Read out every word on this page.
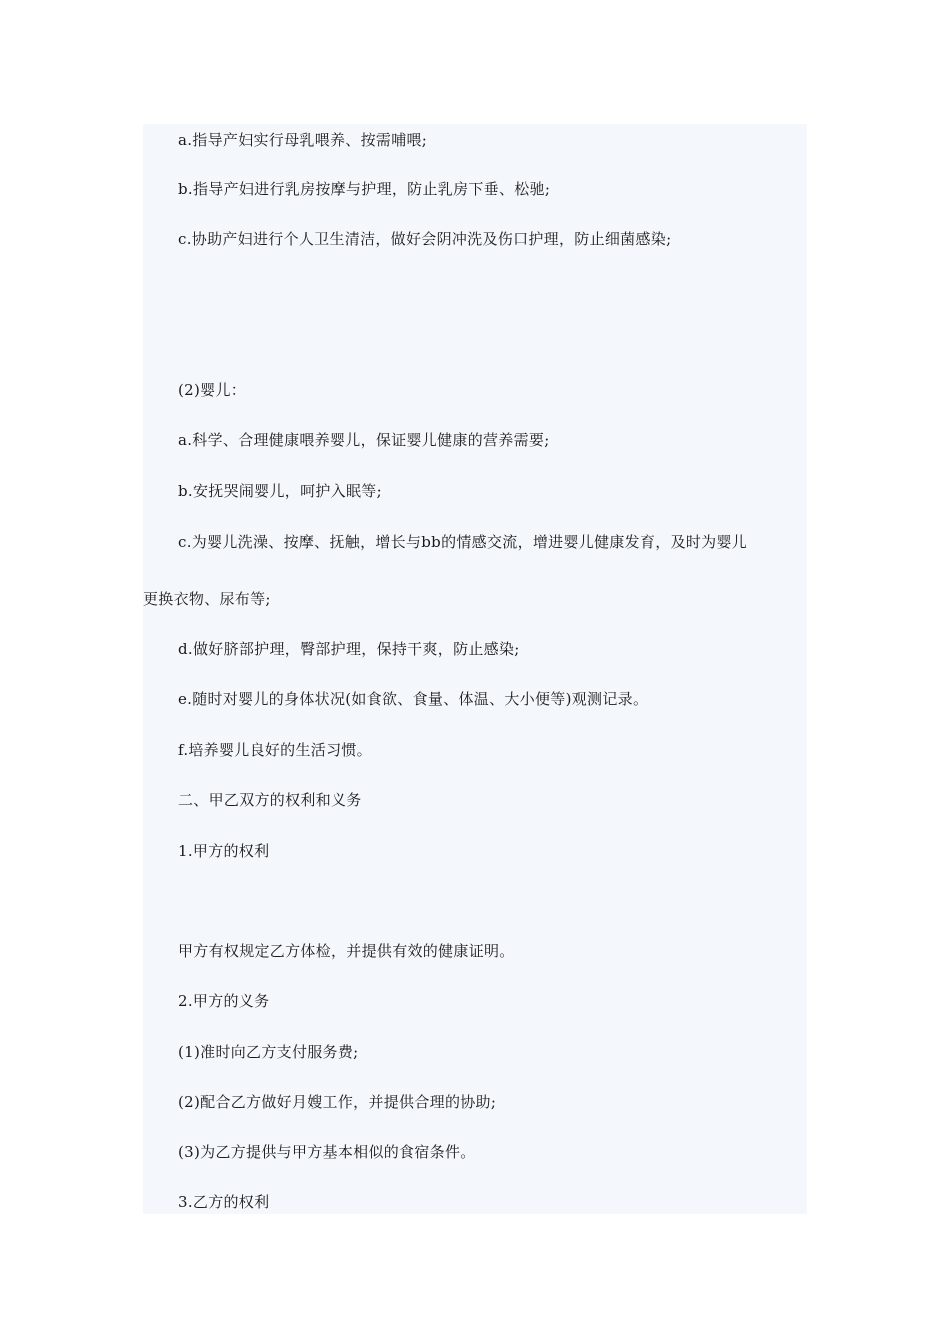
a.指导产妇实行母乳喂养、按需哺喂;

b.指导产妇进行乳房按摩与护理，防止乳房下垂、松驰;

c.协助产妇进行个人卫生清洁，做好会阴冲洗及伤口护理，防止细菌感染;

(2)婴儿：

a.科学、合理健康喂养婴儿，保证婴儿健康的营养需要;

b.安抚哭闹婴儿，呵护入眠等;

c.为婴儿洗澡、按摩、抚触，增长与bb的情感交流，增进婴儿健康发育，及时为婴儿

更换衣物、尿布等;

d.做好脐部护理，臀部护理，保持干爽，防止感染;

e.随时对婴儿的身体状况(如食欲、食量、体温、大小便等)观测记录。

f.培养婴儿良好的生活习惯。

二、甲乙双方的权利和义务

1.甲方的权利

甲方有权规定乙方体检，并提供有效的健康证明。

2.甲方的义务

(1)准时向乙方支付服务费;

(2)配合乙方做好月嫂工作，并提供合理的协助;

(3)为乙方提供与甲方基本相似的食宿条件。

3.乙方的权利
